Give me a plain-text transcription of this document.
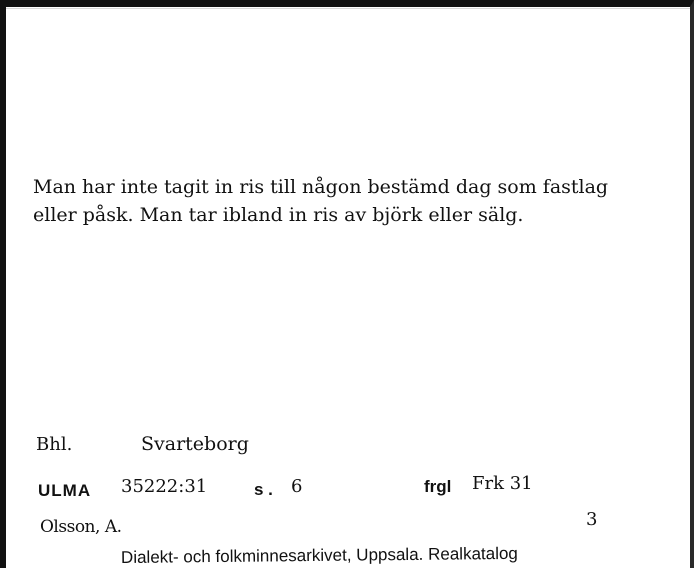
Man har inte tagit in ris till någon bestämd dag som fastlag
eller påsk. Man tar ibland in ris av björk eller sälg.

Bhl.	Svarteborg

ULMA 35222:31	s . 6	frgl Frk 31

Olsson, A.	3

Dialekt- och folkminnesarkivet, Uppsala. Realkatalog
